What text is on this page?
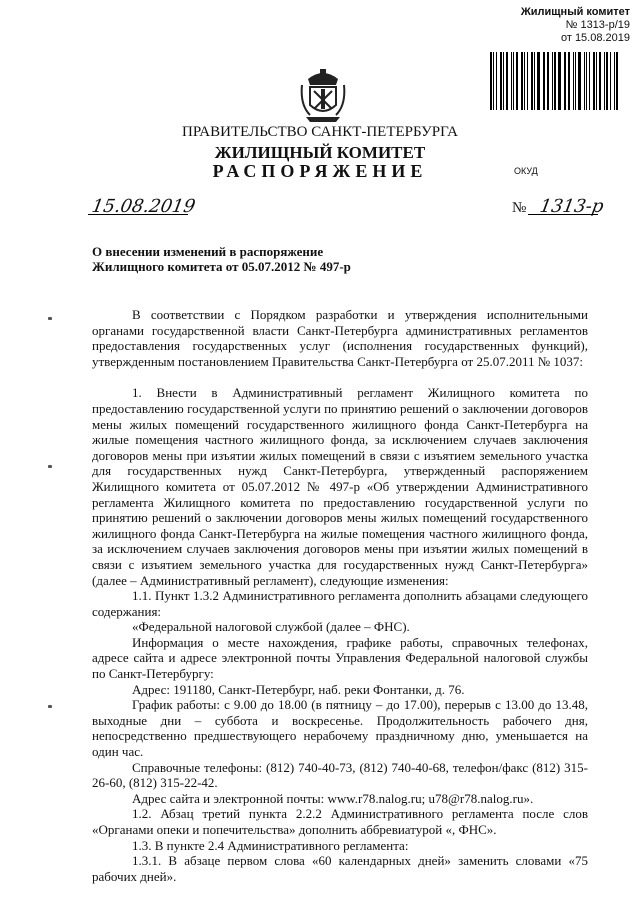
Жилищный комитет
№ 1313-р/19
от 15.08.2019
ПРАВИТЕЛЬСТВО САНКТ-ПЕТЕРБУРГА
ЖИЛИЩНЫЙ КОМИТЕТ
РАСПОРЯЖЕНИЕ	ОКУД
15.08.2019	№ 1313-р
О внесении изменений в распоряжение
Жилищного комитета от 05.07.2012 № 497-р

В соответствии с Порядком разработки и утверждения исполнительными органами государственной власти Санкт-Петербурга административных регламентов предоставления государственных услуг (исполнения государственных функций), утвержденным постановлением Правительства Санкт-Петербурга от 25.07.2011 № 1037:

1. Внести в Административный регламент Жилищного комитета по предоставлению государственной услуги по принятию решений о заключении договоров мены жилых помещений государственного жилищного фонда Санкт-Петербурга на жилые помещения частного жилищного фонда, за исключением случаев заключения договоров мены при изъятии жилых помещений в связи с изъятием земельного участка для государственных нужд Санкт-Петербурга, утвержденный распоряжением Жилищного комитета от 05.07.2012 № 497-р «Об утверждении Административного регламента Жилищного комитета по предоставлению государственной услуги по принятию решений о заключении договоров мены жилых помещений государственного жилищного фонда Санкт-Петербурга на жилые помещения частного жилищного фонда, за исключением случаев заключения договоров мены при изъятии жилых помещений в связи с изъятием земельного участка для государственных нужд Санкт-Петербурга» (далее – Административный регламент), следующие изменения:

1.1. Пункт 1.3.2 Административного регламента дополнить абзацами следующего содержания:

«Федеральной налоговой службой (далее – ФНС).

Информация о месте нахождения, графике работы, справочных телефонах, адресе сайта и адресе электронной почты Управления Федеральной налоговой службы по Санкт-Петербургу:

Адрес: 191180, Санкт-Петербург, наб. реки Фонтанки, д. 76.

График работы: с 9.00 до 18.00 (в пятницу – до 17.00), перерыв с 13.00 до 13.48, выходные дни – суббота и воскресенье. Продолжительность рабочего дня, непосредственно предшествующего нерабочему праздничному дню, уменьшается на один час.

Справочные телефоны: (812) 740-40-73, (812) 740-40-68, телефон/факс (812) 315-26-60, (812) 315-22-42.

Адрес сайта и электронной почты: www.r78.nalog.ru; u78@r78.nalog.ru».

1.2. Абзац третий пункта 2.2.2 Административного регламента после слов «Органами опеки и попечительства» дополнить аббревиатурой «, ФНС».

1.3. В пункте 2.4 Административного регламента:

1.3.1. В абзаце первом слова «60 календарных дней» заменить словами «75 рабочих дней».
